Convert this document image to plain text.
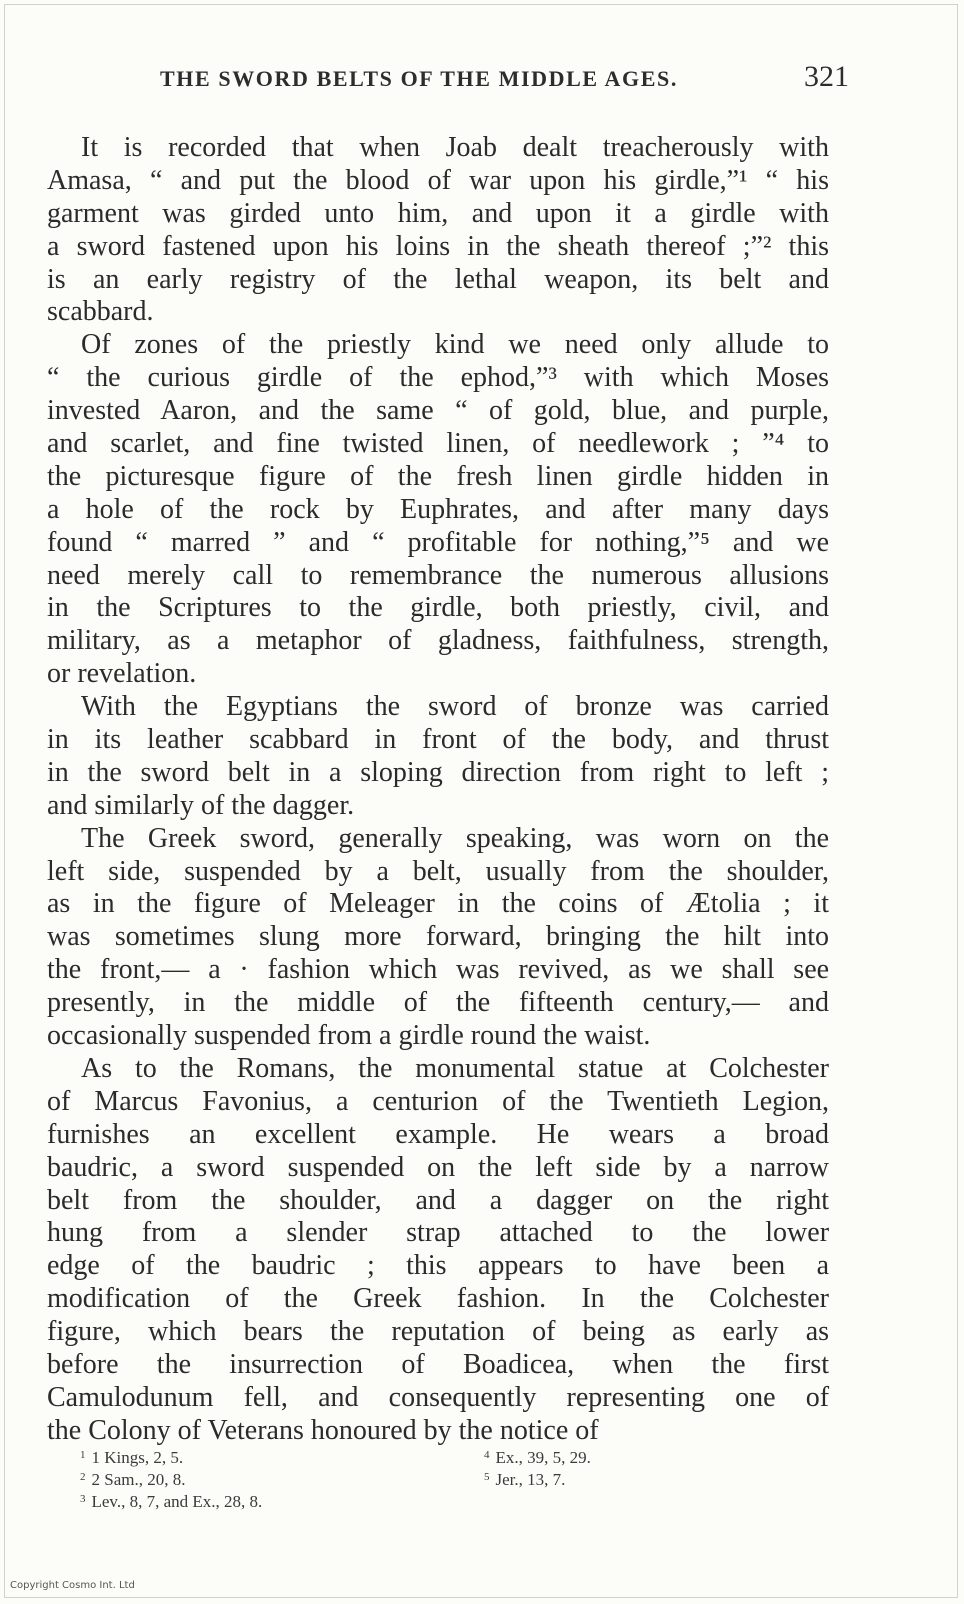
THE SWORD BELTS OF THE MIDDLE AGES.	321
It is recorded that when Joab dealt treacherously with
Amasa, “ and put the blood of war upon his girdle,”¹ “ his
garment was girded unto him, and upon it a girdle with
a sword fastened upon his loins in the sheath thereof ;”² this
is an early registry of the lethal weapon, its belt and
scabbard.
Of zones of the priestly kind we need only allude to
“ the curious girdle of the ephod,”³ with which Moses
invested Aaron, and the same “ of gold, blue, and purple,
and scarlet, and fine twisted linen, of needlework ; ”⁴ to
the picturesque figure of the fresh linen girdle hidden in
a hole of the rock by Euphrates, and after many days
found “ marred ” and “ profitable for nothing,”⁵ and we
need merely call to remembrance the numerous allusions
in the Scriptures to the girdle, both priestly, civil, and
military, as a metaphor of gladness, faithfulness, strength,
or revelation.
With the Egyptians the sword of bronze was carried
in its leather scabbard in front of the body, and thrust
in the sword belt in a sloping direction from right to left ;
and similarly of the dagger.
The Greek sword, generally speaking, was worn on the
left side, suspended by a belt, usually from the shoulder,
as in the figure of Meleager in the coins of Ætolia ; it
was sometimes slung more forward, bringing the hilt into
the front,— a · fashion which was revived, as we shall see
presently, in the middle of the fifteenth century,— and
occasionally suspended from a girdle round the waist.
As to the Romans, the monumental statue at Colchester
of Marcus Favonius, a centurion of the Twentieth Legion,
furnishes an excellent example. He wears a broad
baudric, a sword suspended on the left side by a narrow
belt from the shoulder, and a dagger on the right
hung from a slender strap attached to the lower
edge of the baudric ; this appears to have been a
modification of the Greek fashion. In the Colchester
figure, which bears the reputation of being as early as
before the insurrection of Boadicea, when the first
Camulodunum fell, and consequently representing one of
the Colony of Veterans honoured by the notice of
$^1$ 1 Kings, 2, 5.
$^2$ 2 Sam., 20, 8.
$^3$ Lev., 8, 7, and Ex., 28, 8.
$^4$ Ex., 39, 5, 29.
$^5$ Jer., 13, 7.
Copyright Cosmo Int. Ltd
